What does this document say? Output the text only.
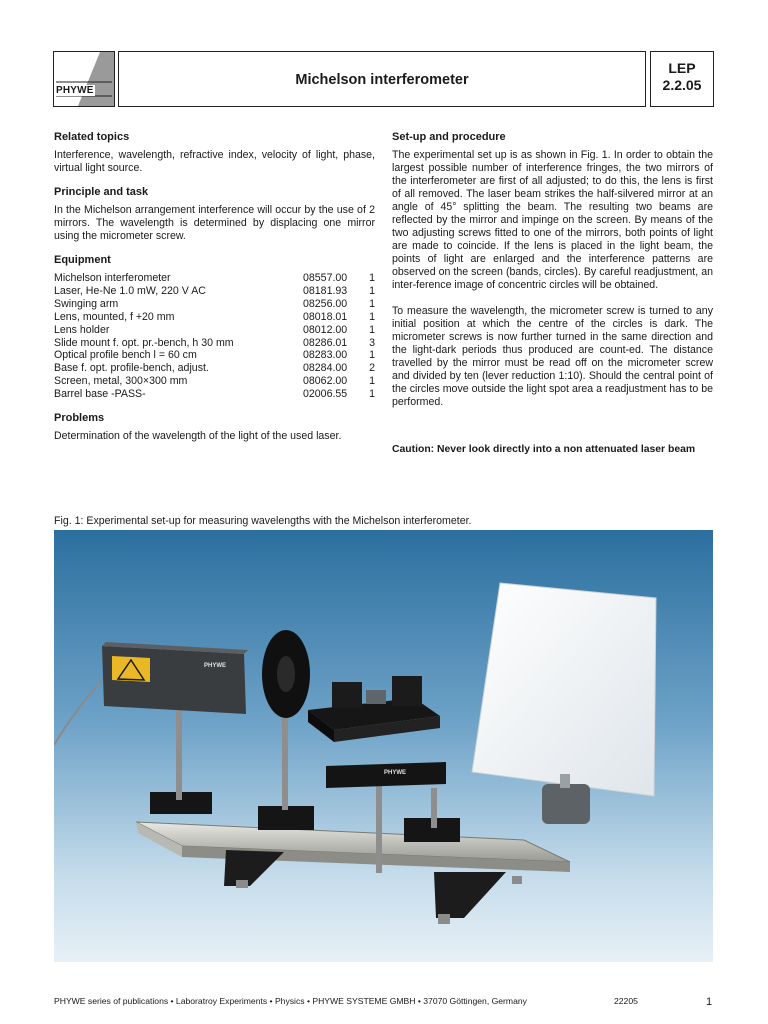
PHYWE
Michelson interferometer
LEP
2.2.05
Related topics

Interference, wavelength, refractive index, velocity of light, phase, virtual light source.

Principle and task

In the Michelson arrangement interference will occur by the use of 2 mirrors. The wavelength is determined by displacing one mirror using the micrometer screw.

Equipment
Michelson interferometer	08557.00	1
Laser, He-Ne 1.0 mW, 220 V AC	08181.93	1
Swinging arm	08256.00	1
Lens, mounted, f +20 mm	08018.01	1
Lens holder	08012.00	1
Slide mount f. opt. pr.-bench, h 30 mm	08286.01	3
Optical profile bench l = 60 cm	08283.00	1
Base f. opt. profile-bench, adjust.	08284.00	2
Screen, metal, 300×300 mm	08062.00	1
Barrel base -PASS-	02006.55	1
Problems

Determination of the wavelength of the light of the used laser.

Set-up and procedure

The experimental set up is as shown in Fig. 1. In order to obtain the largest possible number of interference fringes, the two mirrors of the interferometer are first of all adjusted; to do this, the lens is first of all removed. The laser beam strikes the half-silvered mirror at an angle of 45° splitting the beam. The resulting two beams are reflected by the mirror and impinge on the screen. By means of the two adjusting screws fitted to one of the mirrors, both points of light are made to coincide. If the lens is placed in the light beam, the points of light are enlarged and the interference patterns are observed on the screen (bands, circles). By careful readjustment, an inter-ference image of concentric circles will be obtained.

To measure the wavelength, the micrometer screw is turned to any initial position at which the centre of the circles is dark. The micrometer screws is now further turned in the same direction and the light-dark periods thus produced are count-ed. The distance travelled by the mirror must be read off on the micrometer screw and divided by ten (lever reduction 1:10). Should the central point of the circles move outside the light spot area a readjustment has to be performed.

Caution: Never look directly into a non attenuated laser beam
Fig. 1: Experimental set-up for measuring wavelengths with the Michelson interferometer.
PHYWE
PHYWE
PHYWE series of publications • Laboratroy Experiments • Physics • PHYWE SYSTEME GMBH • 37070 Göttingen, Germany	22205	1
